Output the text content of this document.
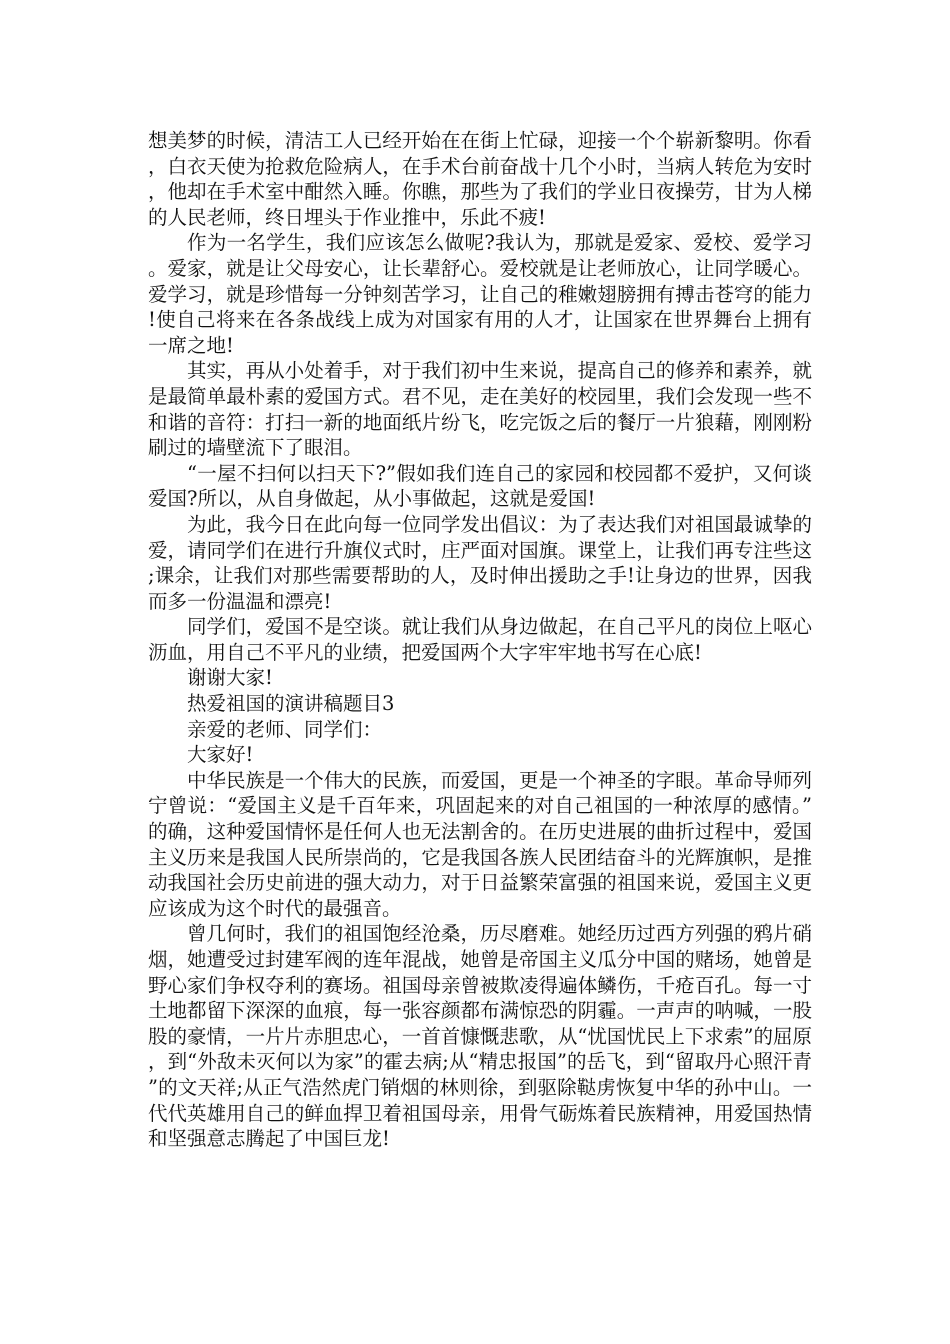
想美梦的时候，清洁工人已经开始在在街上忙碌，迎接一个个崭新黎明。你看，白衣天使为抢救危险病人，在手术台前奋战十几个小时，当病人转危为安时，他却在手术室中酣然入睡。你瞧，那些为了我们的学业日夜操劳，甘为人梯的人民老师，终日埋头于作业推中，乐此不疲!

作为一名学生，我们应该怎么做呢?我认为，那就是爱家、爱校、爱学习。爱家，就是让父母安心，让长辈舒心。爱校就是让老师放心，让同学暖心。爱学习，就是珍惜每一分钟刻苦学习，让自己的稚嫩翅膀拥有搏击苍穹的能力!使自己将来在各条战线上成为对国家有用的人才，让国家在世界舞台上拥有一席之地!

其实，再从小处着手，对于我们初中生来说，提高自己的修养和素养，就是最简单最朴素的爱国方式。君不见，走在美好的校园里，我们会发现一些不和谐的音符：打扫一新的地面纸片纷飞，吃完饭之后的餐厅一片狼藉，刚刚粉刷过的墙壁流下了眼泪。

“一屋不扫何以扫天下?”假如我们连自己的家园和校园都不爱护，又何谈爱国?所以，从自身做起，从小事做起，这就是爱国!

为此，我今日在此向每一位同学发出倡议：为了表达我们对祖国最诚挚的爱，请同学们在进行升旗仪式时，庄严面对国旗。课堂上，让我们再专注些这;课余，让我们对那些需要帮助的人，及时伸出援助之手!让身边的世界，因我而多一份温温和漂亮!

同学们，爱国不是空谈。就让我们从身边做起，在自己平凡的岗位上呕心沥血，用自己不平凡的业绩，把爱国两个大字牢牢地书写在心底!

谢谢大家!

热爱祖国的演讲稿题目3

亲爱的老师、同学们：

大家好!

中华民族是一个伟大的民族，而爱国，更是一个神圣的字眼。革命导师列宁曾说：“爱国主义是千百年来，巩固起来的对自己祖国的一种浓厚的感情。”的确，这种爱国情怀是任何人也无法割舍的。在历史进展的曲折过程中，爱国主义历来是我国人民所崇尚的，它是我国各族人民团结奋斗的光辉旗帜，是推动我国社会历史前进的强大动力，对于日益繁荣富强的祖国来说，爱国主义更应该成为这个时代的最强音。

曾几何时，我们的祖国饱经沧桑，历尽磨难。她经历过西方列强的鸦片硝烟，她遭受过封建军阀的连年混战，她曾是帝国主义瓜分中国的赌场，她曾是野心家们争权夺利的赛场。祖国母亲曾被欺凌得遍体鳞伤，千疮百孔。每一寸土地都留下深深的血痕，每一张容颜都布满惊恐的阴霾。一声声的呐喊，一股股的豪情，一片片赤胆忠心，一首首慷慨悲歌，从“忧国忧民上下求索”的屈原，到“外敌未灭何以为家”的霍去病;从“精忠报国”的岳飞，到“留取丹心照汗青”的文天祥;从正气浩然虎门销烟的林则徐，到驱除鞑虏恢复中华的孙中山。一代代英雄用自己的鲜血捍卫着祖国母亲，用骨气砺炼着民族精神，用爱国热情和坚强意志腾起了中国巨龙!
